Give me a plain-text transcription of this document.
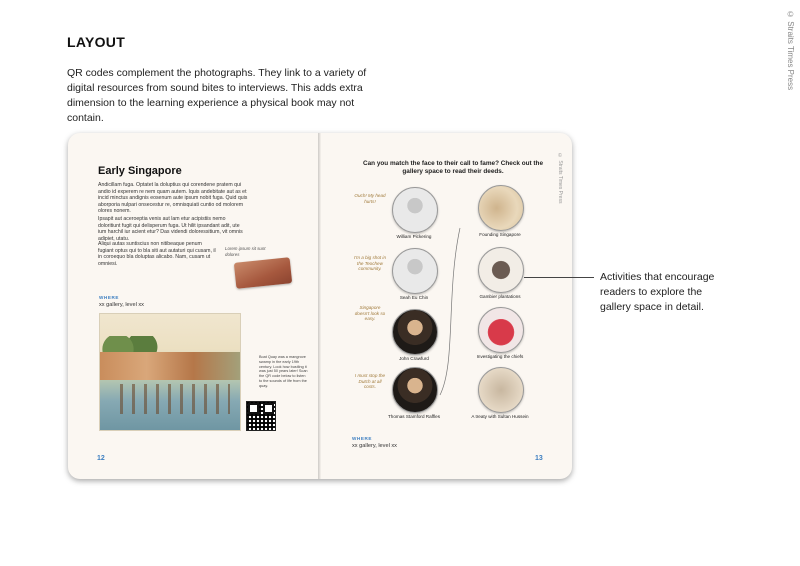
LAYOUT
QR codes complement the photographs. They link to a variety of digital resources from sound bites to interviews. This adds extra dimension to the learning experience a physical book may not contain.
© Straits Times Press
Early Singapore
Andicillam fuga. Optatet la doluptius qui corendene pratem qui andio id experem re nem quam autem. Iquis andebitate aut as et incid minctus andignis eosenum aute ipsum nobit fuga. Quid quis aborporia nulpari onsecestur re, omnisquiati cuntio od molorem olores nonem.
Ipsapit aut aceroeptia venis aut lam etur acipistiis nemo doloritiunt fugit qui delisperum fuga. Ut hilit ipsandant adit, ute ium harchil iur acient etur? Das videndi doloressitium, vit omnis adipiet, utatu.
Aliqui autas suntiscius non nitibeaque penum fugiant optus qui to bla siti aut autaturi qui cusam, il in coroequo bla doluptas alicabo. Nam, cusam ut omniesi.
Lorem ipsum sit sunt dolores
WHERE
xx gallery, level xx
Boat Quay was a mangrove swamp in the early 19th century. Look how bustling it was just 50 years later! Scan the QR code below to listen to the sounds of life from the quay.
12
Can you match the face to their call to fame? Check out the gallery space to read their deeds.	© Straits Times Press
William Pickering
Ouch! My head hurts!
Seah Eu Chin
I'm a big shot in the Teochew community.
John Crawfurd
Singapore doesn't look so easy.
Thomas Stamford Raffles
I must stop the Dutch at all costs.
Founding Singapore
Gambier plantations
Investigating the chiefs
A treaty with Sultan Hussein
WHERE
xx gallery, level xx
13
Activities that encourage readers to explore the gallery space in detail.
